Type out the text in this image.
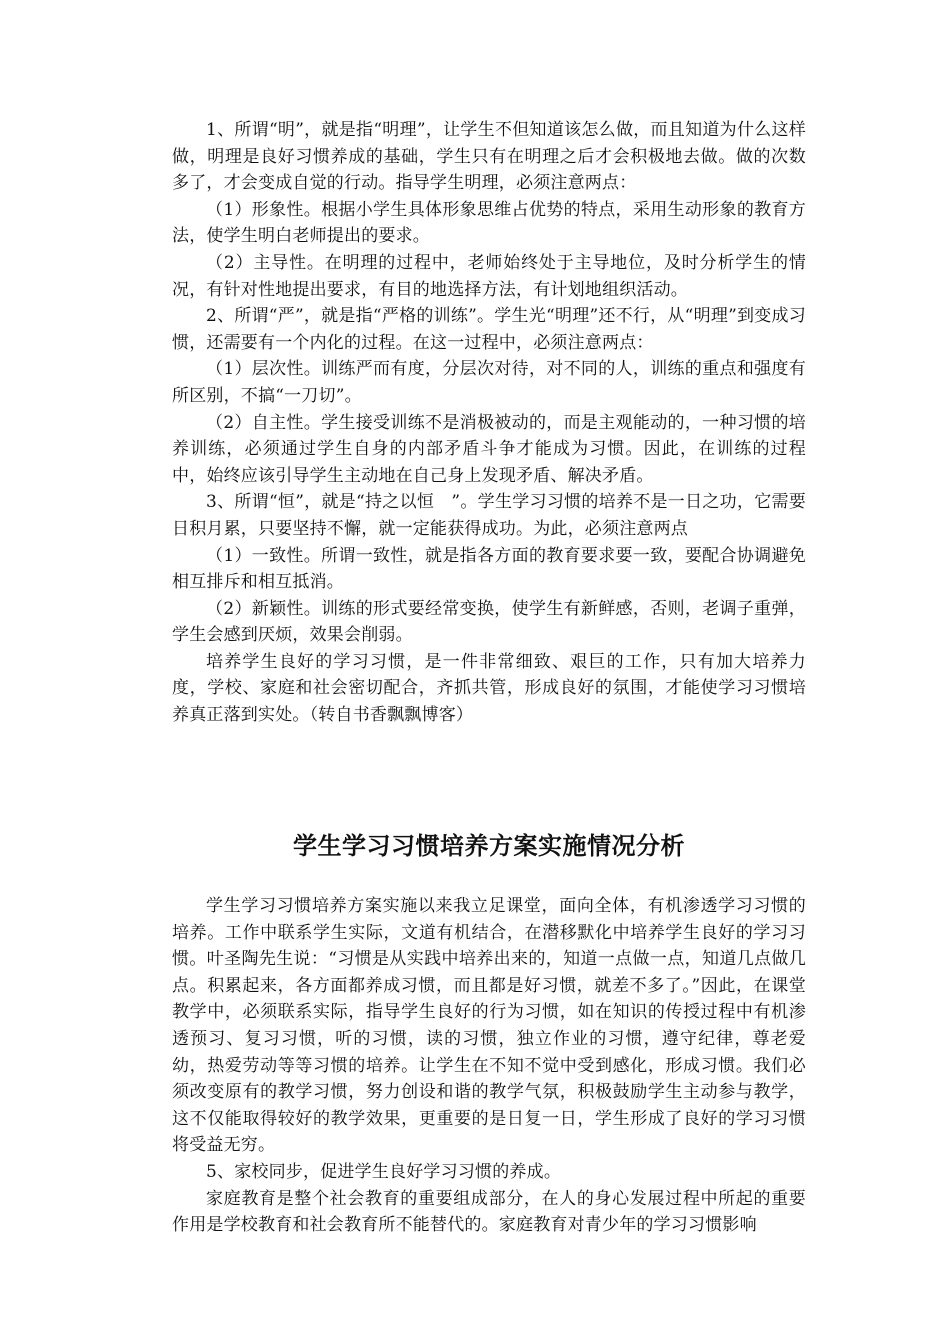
1、所谓“明”，就是指“明理”，让学生不但知道该怎么做，而且知道为什么这样做，明理是良好习惯养成的基础，学生只有在明理之后才会积极地去做。做的次数多了，才会变成自觉的行动。指导学生明理，必须注意两点：

（1）形象性。根据小学生具体形象思维占优势的特点，采用生动形象的教育方法，使学生明白老师提出的要求。

（2）主导性。在明理的过程中，老师始终处于主导地位，及时分析学生的情况，有针对性地提出要求，有目的地选择方法，有计划地组织活动。

2、所谓“严”，就是指“严格的训练”。学生光“明理”还不行，从“明理”到变成习惯，还需要有一个内化的过程。在这一过程中，必须注意两点：

（1）层次性。训练严而有度，分层次对待，对不同的人，训练的重点和强度有所区别，不搞“一刀切”。

（2）自主性。学生接受训练不是消极被动的，而是主观能动的，一种习惯的培养训练，必须通过学生自身的内部矛盾斗争才能成为习惯。因此，在训练的过程中，始终应该引导学生主动地在自己身上发现矛盾、解决矛盾。

3、所谓“恒”，就是“持之以恒　”。学生学习习惯的培养不是一日之功，它需要日积月累，只要坚持不懈，就一定能获得成功。为此，必须注意两点

（1）一致性。所谓一致性，就是指各方面的教育要求要一致，要配合协调避免相互排斥和相互抵消。

（2）新颖性。训练的形式要经常变换，使学生有新鲜感，否则，老调子重弹，学生会感到厌烦，效果会削弱。

培养学生良好的学习习惯，是一件非常细致、艰巨的工作，只有加大培养力度，学校、家庭和社会密切配合，齐抓共管，形成良好的氛围，才能使学习习惯培养真正落到实处。（转自书香飘飘博客）

学生学习习惯培养方案实施情况分析

学生学习习惯培养方案实施以来我立足课堂，面向全体，有机渗透学习习惯的培养。工作中联系学生实际，文道有机结合，在潜移默化中培养学生良好的学习习惯。叶圣陶先生说：“习惯是从实践中培养出来的，知道一点做一点，知道几点做几点。积累起来，各方面都养成习惯，而且都是好习惯，就差不多了。”因此，在课堂教学中，必须联系实际，指导学生良好的行为习惯，如在知识的传授过程中有机渗透预习、复习习惯，听的习惯，读的习惯，独立作业的习惯，遵守纪律，尊老爱幼，热爱劳动等等习惯的培养。让学生在不知不觉中受到感化，形成习惯。我们必须改变原有的教学习惯，努力创设和谐的教学气氛，积极鼓励学生主动参与教学，这不仅能取得较好的教学效果，更重要的是日复一日，学生形成了良好的学习习惯将受益无穷。

5、家校同步，促进学生良好学习习惯的养成。

家庭教育是整个社会教育的重要组成部分，在人的身心发展过程中所起的重要作用是学校教育和社会教育所不能替代的。家庭教育对青少年的学习习惯影响
